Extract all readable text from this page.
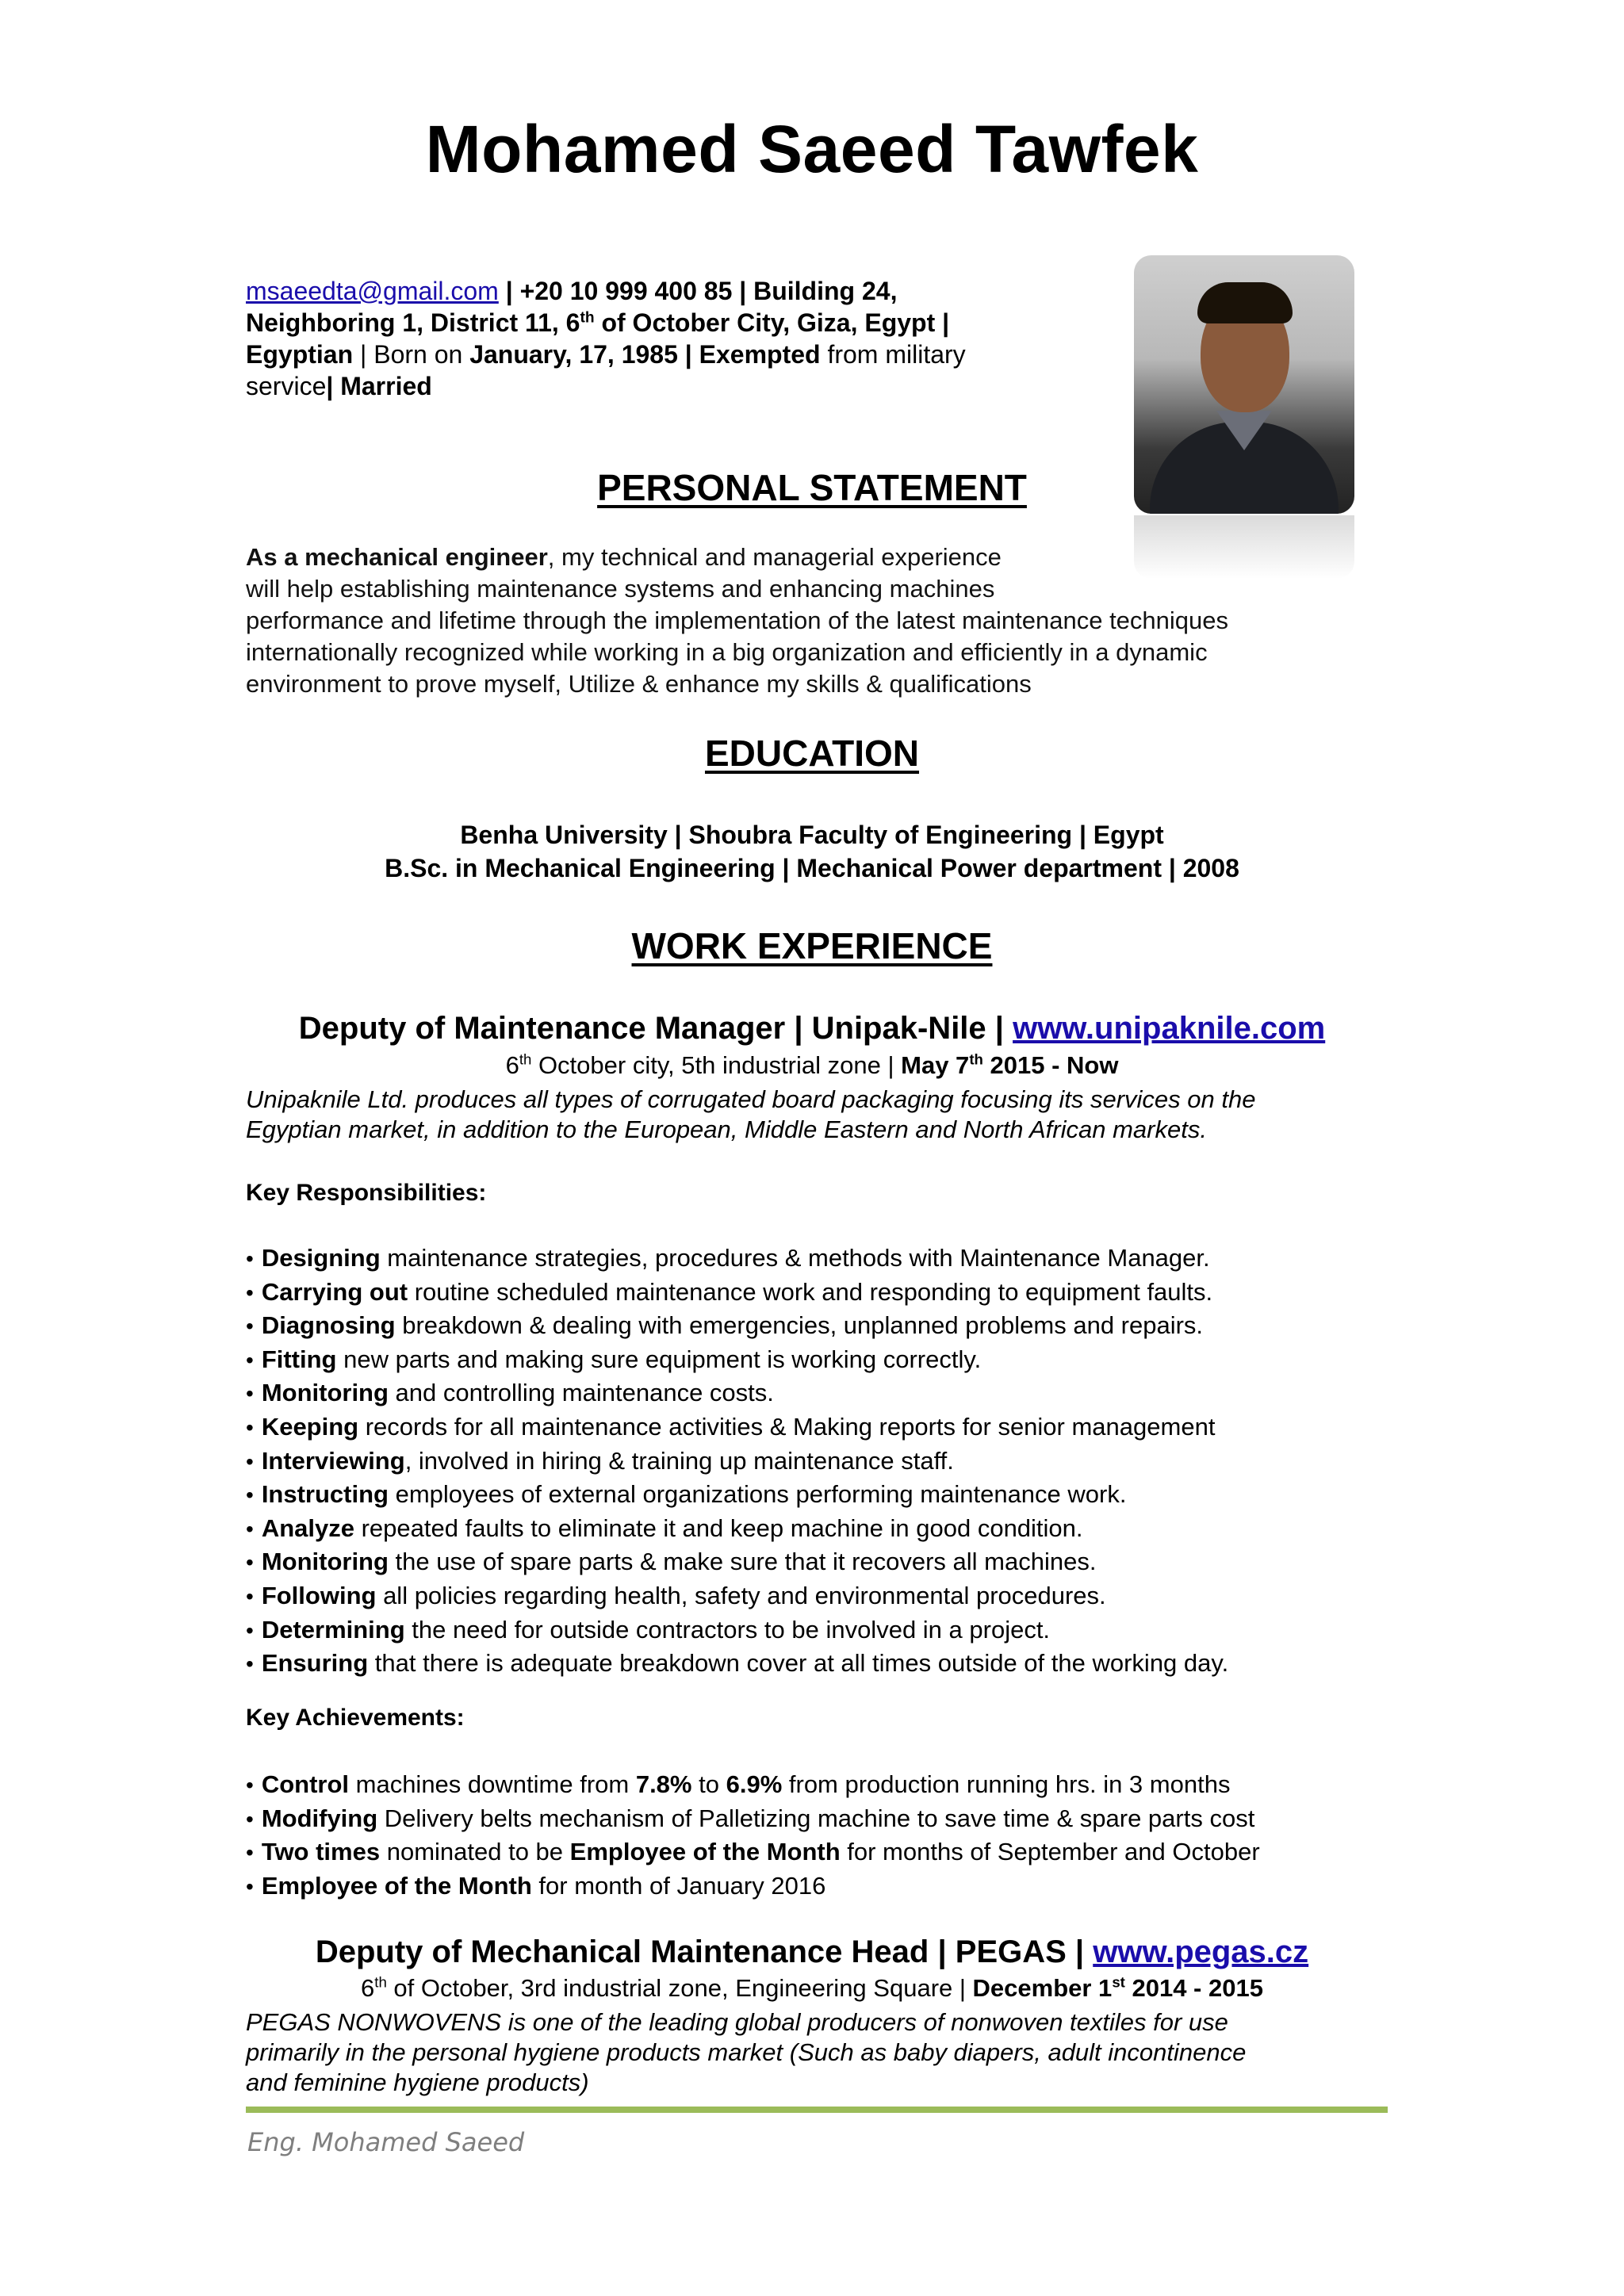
Mohamed Saeed Tawfek
msaeedta@gmail.com | +20 10 999 400 85 | Building 24,
Neighboring 1, District 11, 6th of October City, Giza, Egypt |
Egyptian | Born on January, 17, 1985 | Exempted from military
service| Married
PERSONAL STATEMENT
As a mechanical engineer, my technical and managerial experience
will help establishing maintenance systems and enhancing machines
performance and lifetime through the implementation of the latest maintenance techniques
internationally recognized while working in a big organization and efficiently in a dynamic
environment to prove myself, Utilize & enhance my skills & qualifications
EDUCATION
Benha University | Shoubra Faculty of Engineering | Egypt
B.Sc. in Mechanical Engineering | Mechanical Power department | 2008
WORK EXPERIENCE
Deputy of Maintenance Manager | Unipak-Nile | www.unipaknile.com
6th October city, 5th industrial zone | May 7th 2015 - Now
Unipaknile Ltd. produces all types of corrugated board packaging focusing its services on the
Egyptian market, in addition to the European, Middle Eastern and North African markets.
Key Responsibilities:
• Designing maintenance strategies, procedures & methods with Maintenance Manager.
• Carrying out routine scheduled maintenance work and responding to equipment faults.
• Diagnosing breakdown & dealing with emergencies, unplanned problems and repairs.
• Fitting new parts and making sure equipment is working correctly.
• Monitoring and controlling maintenance costs.
• Keeping records for all maintenance activities & Making reports for senior management
• Interviewing, involved in hiring & training up maintenance staff.
• Instructing employees of external organizations performing maintenance work.
• Analyze repeated faults to eliminate it and keep machine in good condition.
• Monitoring the use of spare parts & make sure that it recovers all machines.
• Following all policies regarding health, safety and environmental procedures.
• Determining the need for outside contractors to be involved in a project.
• Ensuring that there is adequate breakdown cover at all times outside of the working day.
Key Achievements:
• Control machines downtime from 7.8% to 6.9% from production running hrs. in 3 months
• Modifying Delivery belts mechanism of Palletizing machine to save time & spare parts cost
• Two times nominated to be Employee of the Month for months of September and October
• Employee of the Month for month of January 2016
Deputy of Mechanical Maintenance Head | PEGAS | www.pegas.cz
6th of October, 3rd industrial zone, Engineering Square | December 1st 2014 - 2015
PEGAS NONWOVENS is one of the leading global producers of nonwoven textiles for use
primarily in the personal hygiene products market (Such as baby diapers, adult incontinence
and feminine hygiene products)
Eng. Mohamed Saeed
